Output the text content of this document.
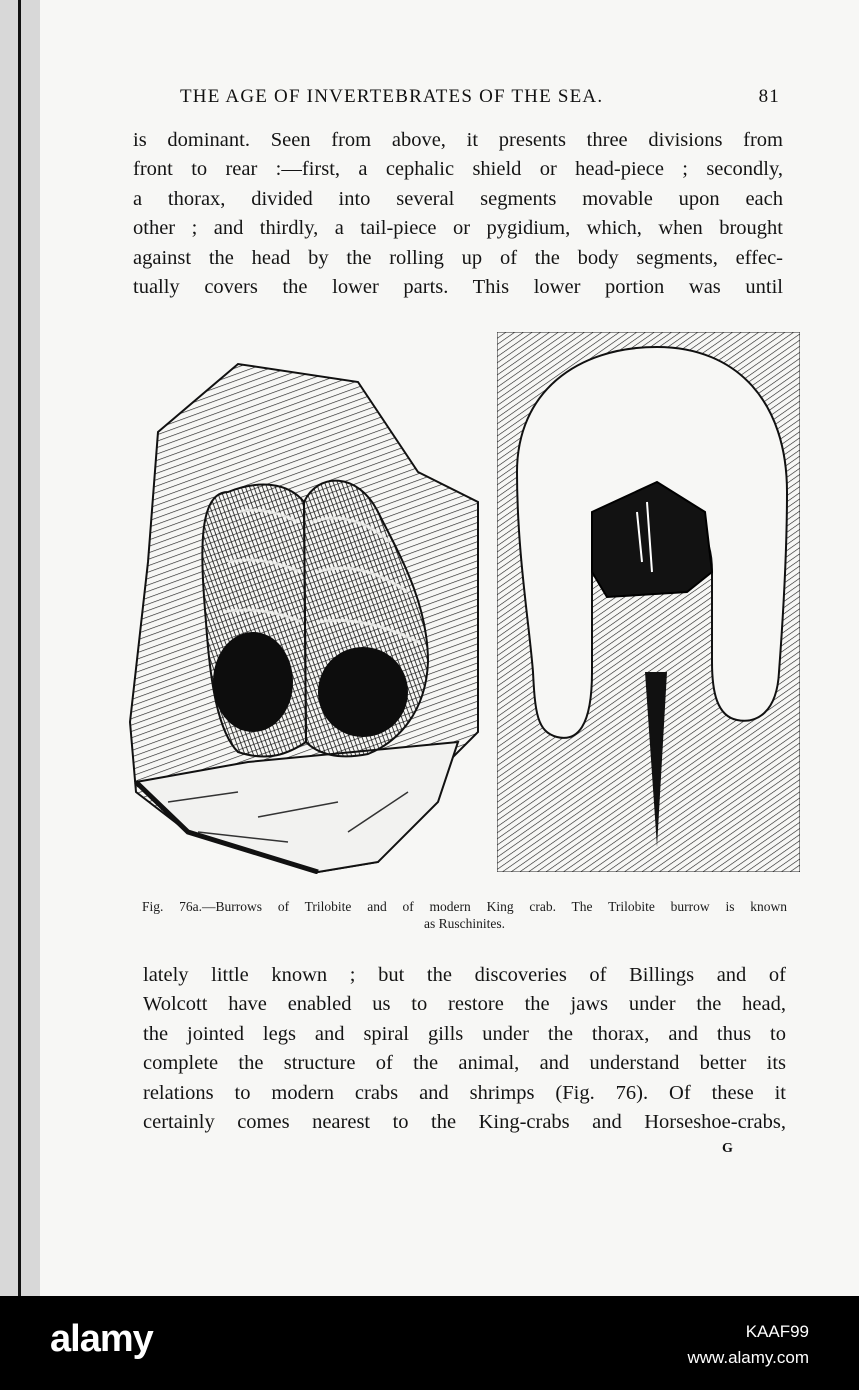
THE AGE OF INVERTEBRATES OF THE SEA.	81
is dominant. Seen from above, it presents three divisions from
front to rear :—first, a cephalic shield or head-piece ; secondly,
a thorax, divided into several segments movable upon each
other ; and thirdly, a tail-piece or pygidium, which, when brought
against the head by the rolling up of the body segments, effec-
tually covers the lower parts. This lower portion was until
Fig. 76a.—Burrows of Trilobite and of modern King crab. The Trilobite burrow is known
as Ruschinites.
lately little known ; but the discoveries of Billings and of
Wolcott have enabled us to restore the jaws under the head,
the jointed legs and spiral gills under the thorax, and thus to
complete the structure of the animal, and understand better its
relations to modern crabs and shrimps (Fig. 76). Of these it
certainly comes nearest to the King-crabs and Horseshoe-crabs,
G
alamy	KAAF99
www.alamy.com
